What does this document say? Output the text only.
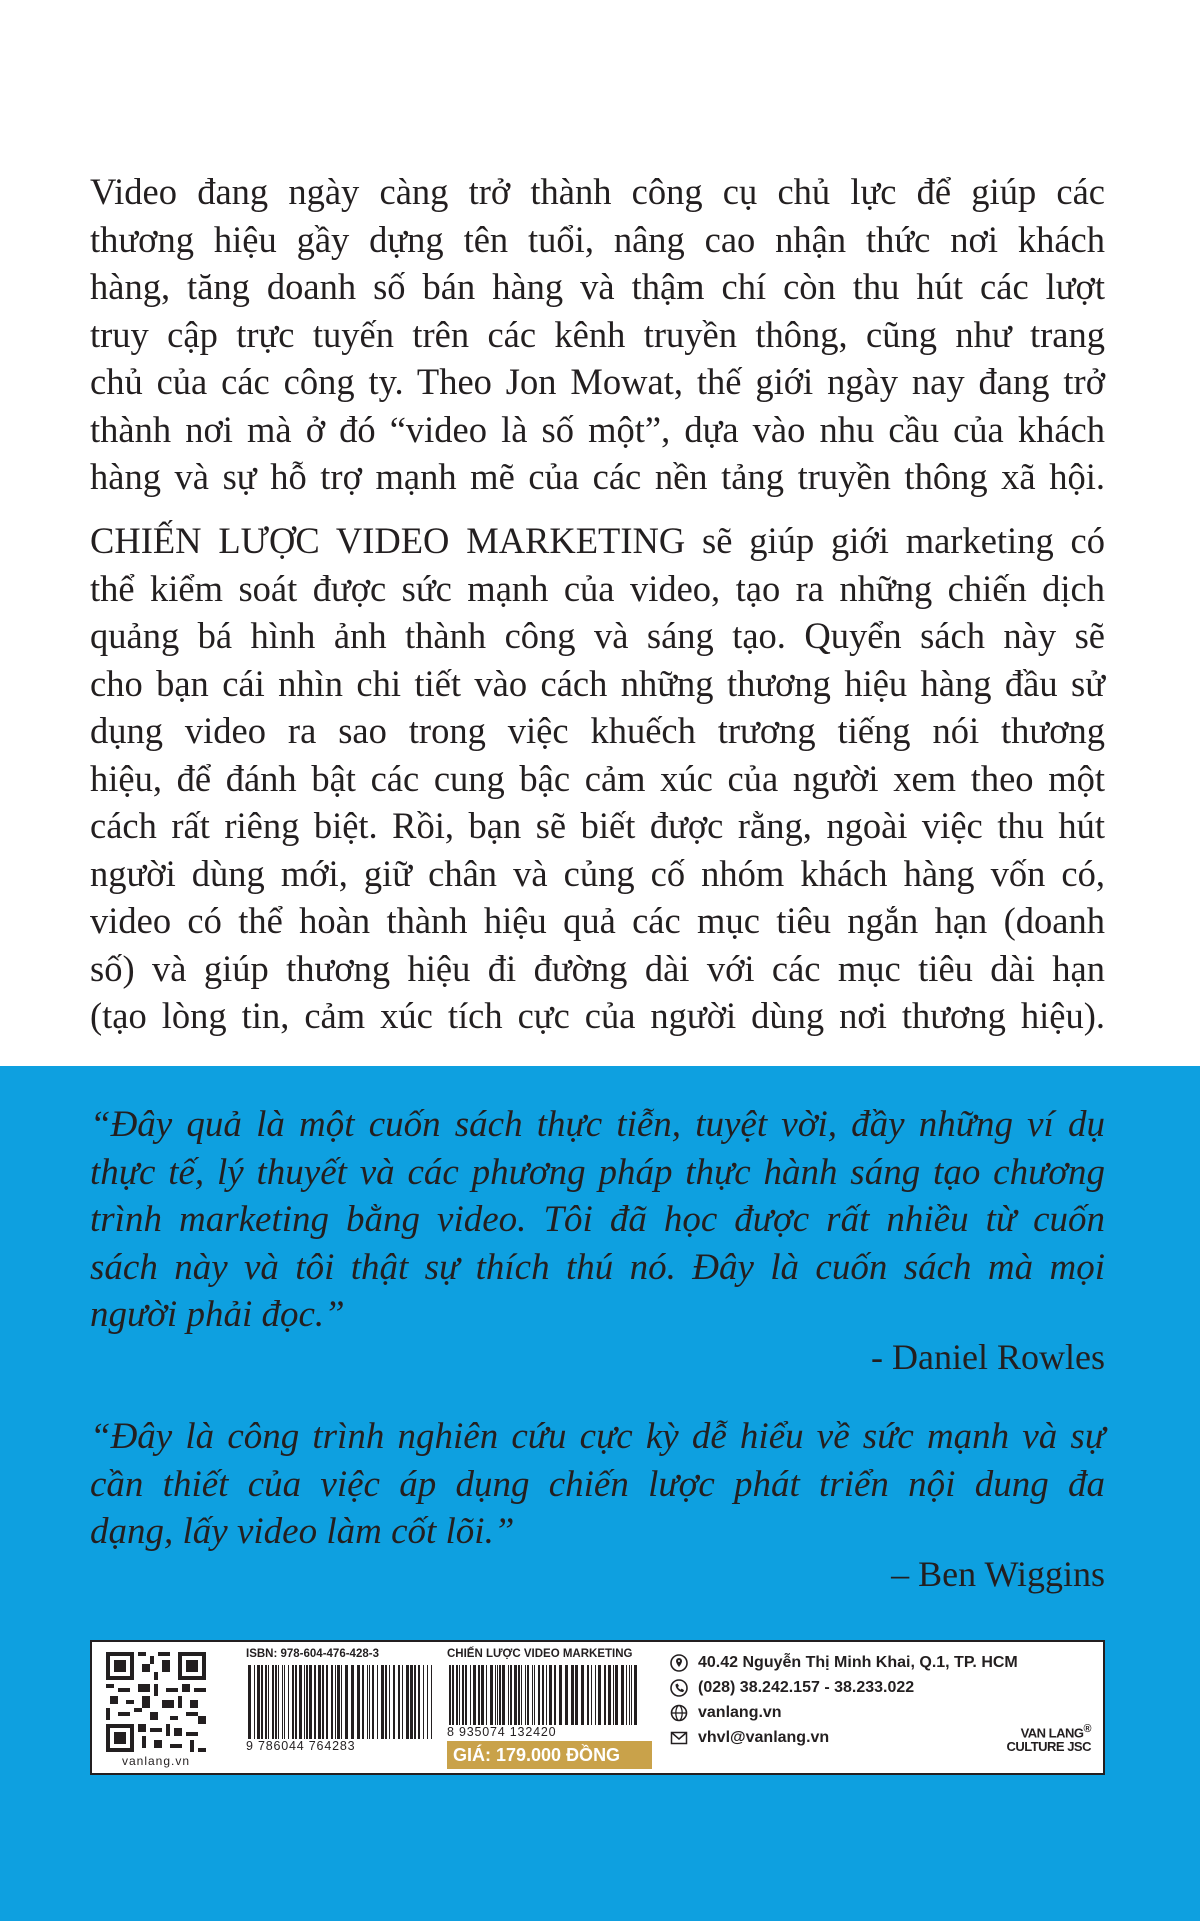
Video đang ngày càng trở thành công cụ chủ lực để giúp các
thương hiệu gầy dựng tên tuổi, nâng cao nhận thức nơi khách
hàng, tăng doanh số bán hàng và thậm chí còn thu hút các lượt
truy cập trực tuyến trên các kênh truyền thông, cũng như trang
chủ của các công ty. Theo Jon Mowat, thế giới ngày nay đang trở
thành nơi mà ở đó “video là số một”, dựa vào nhu cầu của khách
hàng và sự hỗ trợ mạnh mẽ của các nền tảng truyền thông xã hội.
CHIẾN LƯỢC VIDEO MARKETING sẽ giúp giới marketing có
thể kiểm soát được sức mạnh của video, tạo ra những chiến dịch
quảng bá hình ảnh thành công và sáng tạo. Quyển sách này sẽ
cho bạn cái nhìn chi tiết vào cách những thương hiệu hàng đầu sử
dụng video ra sao trong việc khuếch trương tiếng nói thương
hiệu, để đánh bật các cung bậc cảm xúc của người xem theo một
cách rất riêng biệt. Rồi, bạn sẽ biết được rằng, ngoài việc thu hút
người dùng mới, giữ chân và củng cố nhóm khách hàng vốn có,
video có thể hoàn thành hiệu quả các mục tiêu ngắn hạn (doanh
số) và giúp thương hiệu đi đường dài với các mục tiêu dài hạn
(tạo lòng tin, cảm xúc tích cực của người dùng nơi thương hiệu).
“Đây quả là một cuốn sách thực tiễn, tuyệt vời, đầy những ví dụ
thực tế, lý thuyết và các phương pháp thực hành sáng tạo chương
trình marketing bằng video. Tôi đã học được rất nhiều từ cuốn
sách này và tôi thật sự thích thú nó. Đây là cuốn sách mà mọi
người phải đọc.”
- Daniel Rowles
“Đây là công trình nghiên cứu cực kỳ dễ hiểu về sức mạnh và sự
cần thiết của việc áp dụng chiến lược phát triển nội dung đa
dạng, lấy video làm cốt lõi.”
– Ben Wiggins
vanlang.vn
ISBN: 978-604-476-428-3
9 786044 764283
CHIẾN LƯỢC VIDEO MARKETING
8 935074 132420
GIÁ: 179.000 ĐỒNG
40.42 Nguyễn Thị Minh Khai, Q.1, TP. HCM
(028) 38.242.157 - 38.233.022
vanlang.vn
vhvl@vanlang.vn	VAN LANG®
CULTURE JSC
